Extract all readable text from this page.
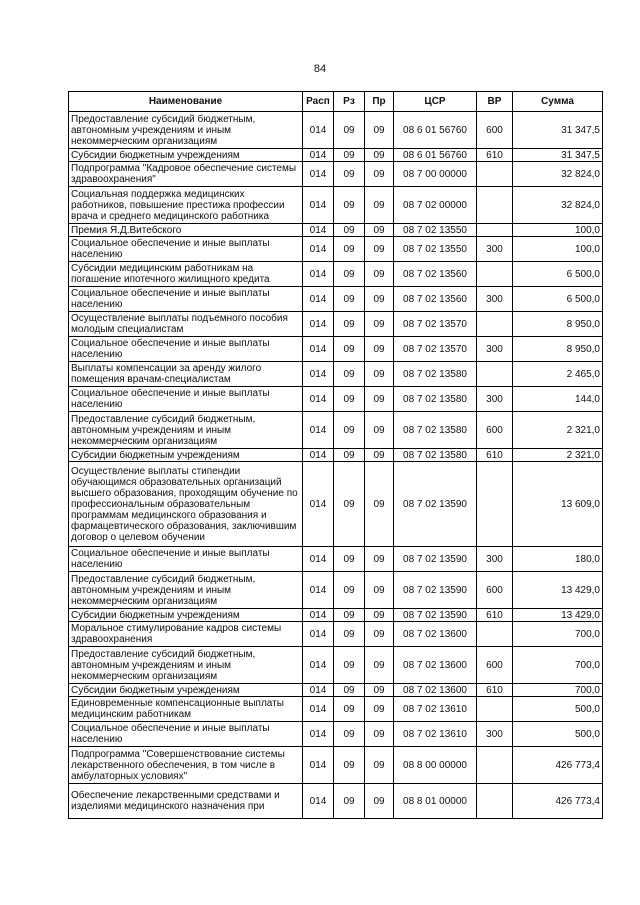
84
Наименование	Расп	Рз	Пр	ЦСР	ВР	Сумма
Предоставление субсидий бюджетным, автономным учреждениям и иным некоммерческим организациям	014	09	09	08 6 01 56760	600	31 347,5
Субсидии бюджетным учреждениям	014	09	09	08 6 01 56760	610	31 347,5
Подпрограмма "Кадровое обеспечение системы здравоохранения"	014	09	09	08 7 00 00000		32 824,0
Социальная поддержка медицинских работников, повышение престижа профессии врача и среднего медицинского работника	014	09	09	08 7 02 00000		32 824,0
Премия Я.Д.Витебского	014	09	09	08 7 02 13550		100,0
Социальное обеспечение и иные выплаты населению	014	09	09	08 7 02 13550	300	100,0
Субсидии медицинским работникам на погашение ипотечного жилищного кредита	014	09	09	08 7 02 13560		6 500,0
Социальное обеспечение и иные выплаты населению	014	09	09	08 7 02 13560	300	6 500,0
Осуществление выплаты подъемного пособия молодым специалистам	014	09	09	08 7 02 13570		8 950,0
Социальное обеспечение и иные выплаты населению	014	09	09	08 7 02 13570	300	8 950,0
Выплаты компенсации за аренду жилого помещения врачам-специалистам	014	09	09	08 7 02 13580		2 465,0
Социальное обеспечение и иные выплаты населению	014	09	09	08 7 02 13580	300	144,0
Предоставление субсидий бюджетным, автономным учреждениям и иным некоммерческим организациям	014	09	09	08 7 02 13580	600	2 321,0
Субсидии бюджетным учреждениям	014	09	09	08 7 02 13580	610	2 321,0
Осуществление выплаты стипендии обучающимся образовательных организаций высшего образования, проходящим обучение по профессиональным образовательным программам медицинского образования и фармацевтического образования, заключившим договор о целевом обучении	014	09	09	08 7 02 13590		13 609,0
Социальное обеспечение и иные выплаты населению	014	09	09	08 7 02 13590	300	180,0
Предоставление субсидий бюджетным, автономным учреждениям и иным некоммерческим организациям	014	09	09	08 7 02 13590	600	13 429,0
Субсидии бюджетным учреждениям	014	09	09	08 7 02 13590	610	13 429,0
Моральное стимулирование кадров системы здравоохранения	014	09	09	08 7 02 13600		700,0
Предоставление субсидий бюджетным, автономным учреждениям и иным некоммерческим организациям	014	09	09	08 7 02 13600	600	700,0
Субсидии бюджетным учреждениям	014	09	09	08 7 02 13600	610	700,0
Единовременные компенсационные выплаты медицинским работникам	014	09	09	08 7 02 13610		500,0
Социальное обеспечение и иные выплаты населению	014	09	09	08 7 02 13610	300	500,0
Подпрограмма "Совершенствование системы лекарственного обеспечения, в том числе в амбулаторных условиях"	014	09	09	08 8 00 00000		426 773,4
Обеспечение лекарственными средствами и изделиями медицинского назначения при	014	09	09	08 8 01 00000		426 773,4
